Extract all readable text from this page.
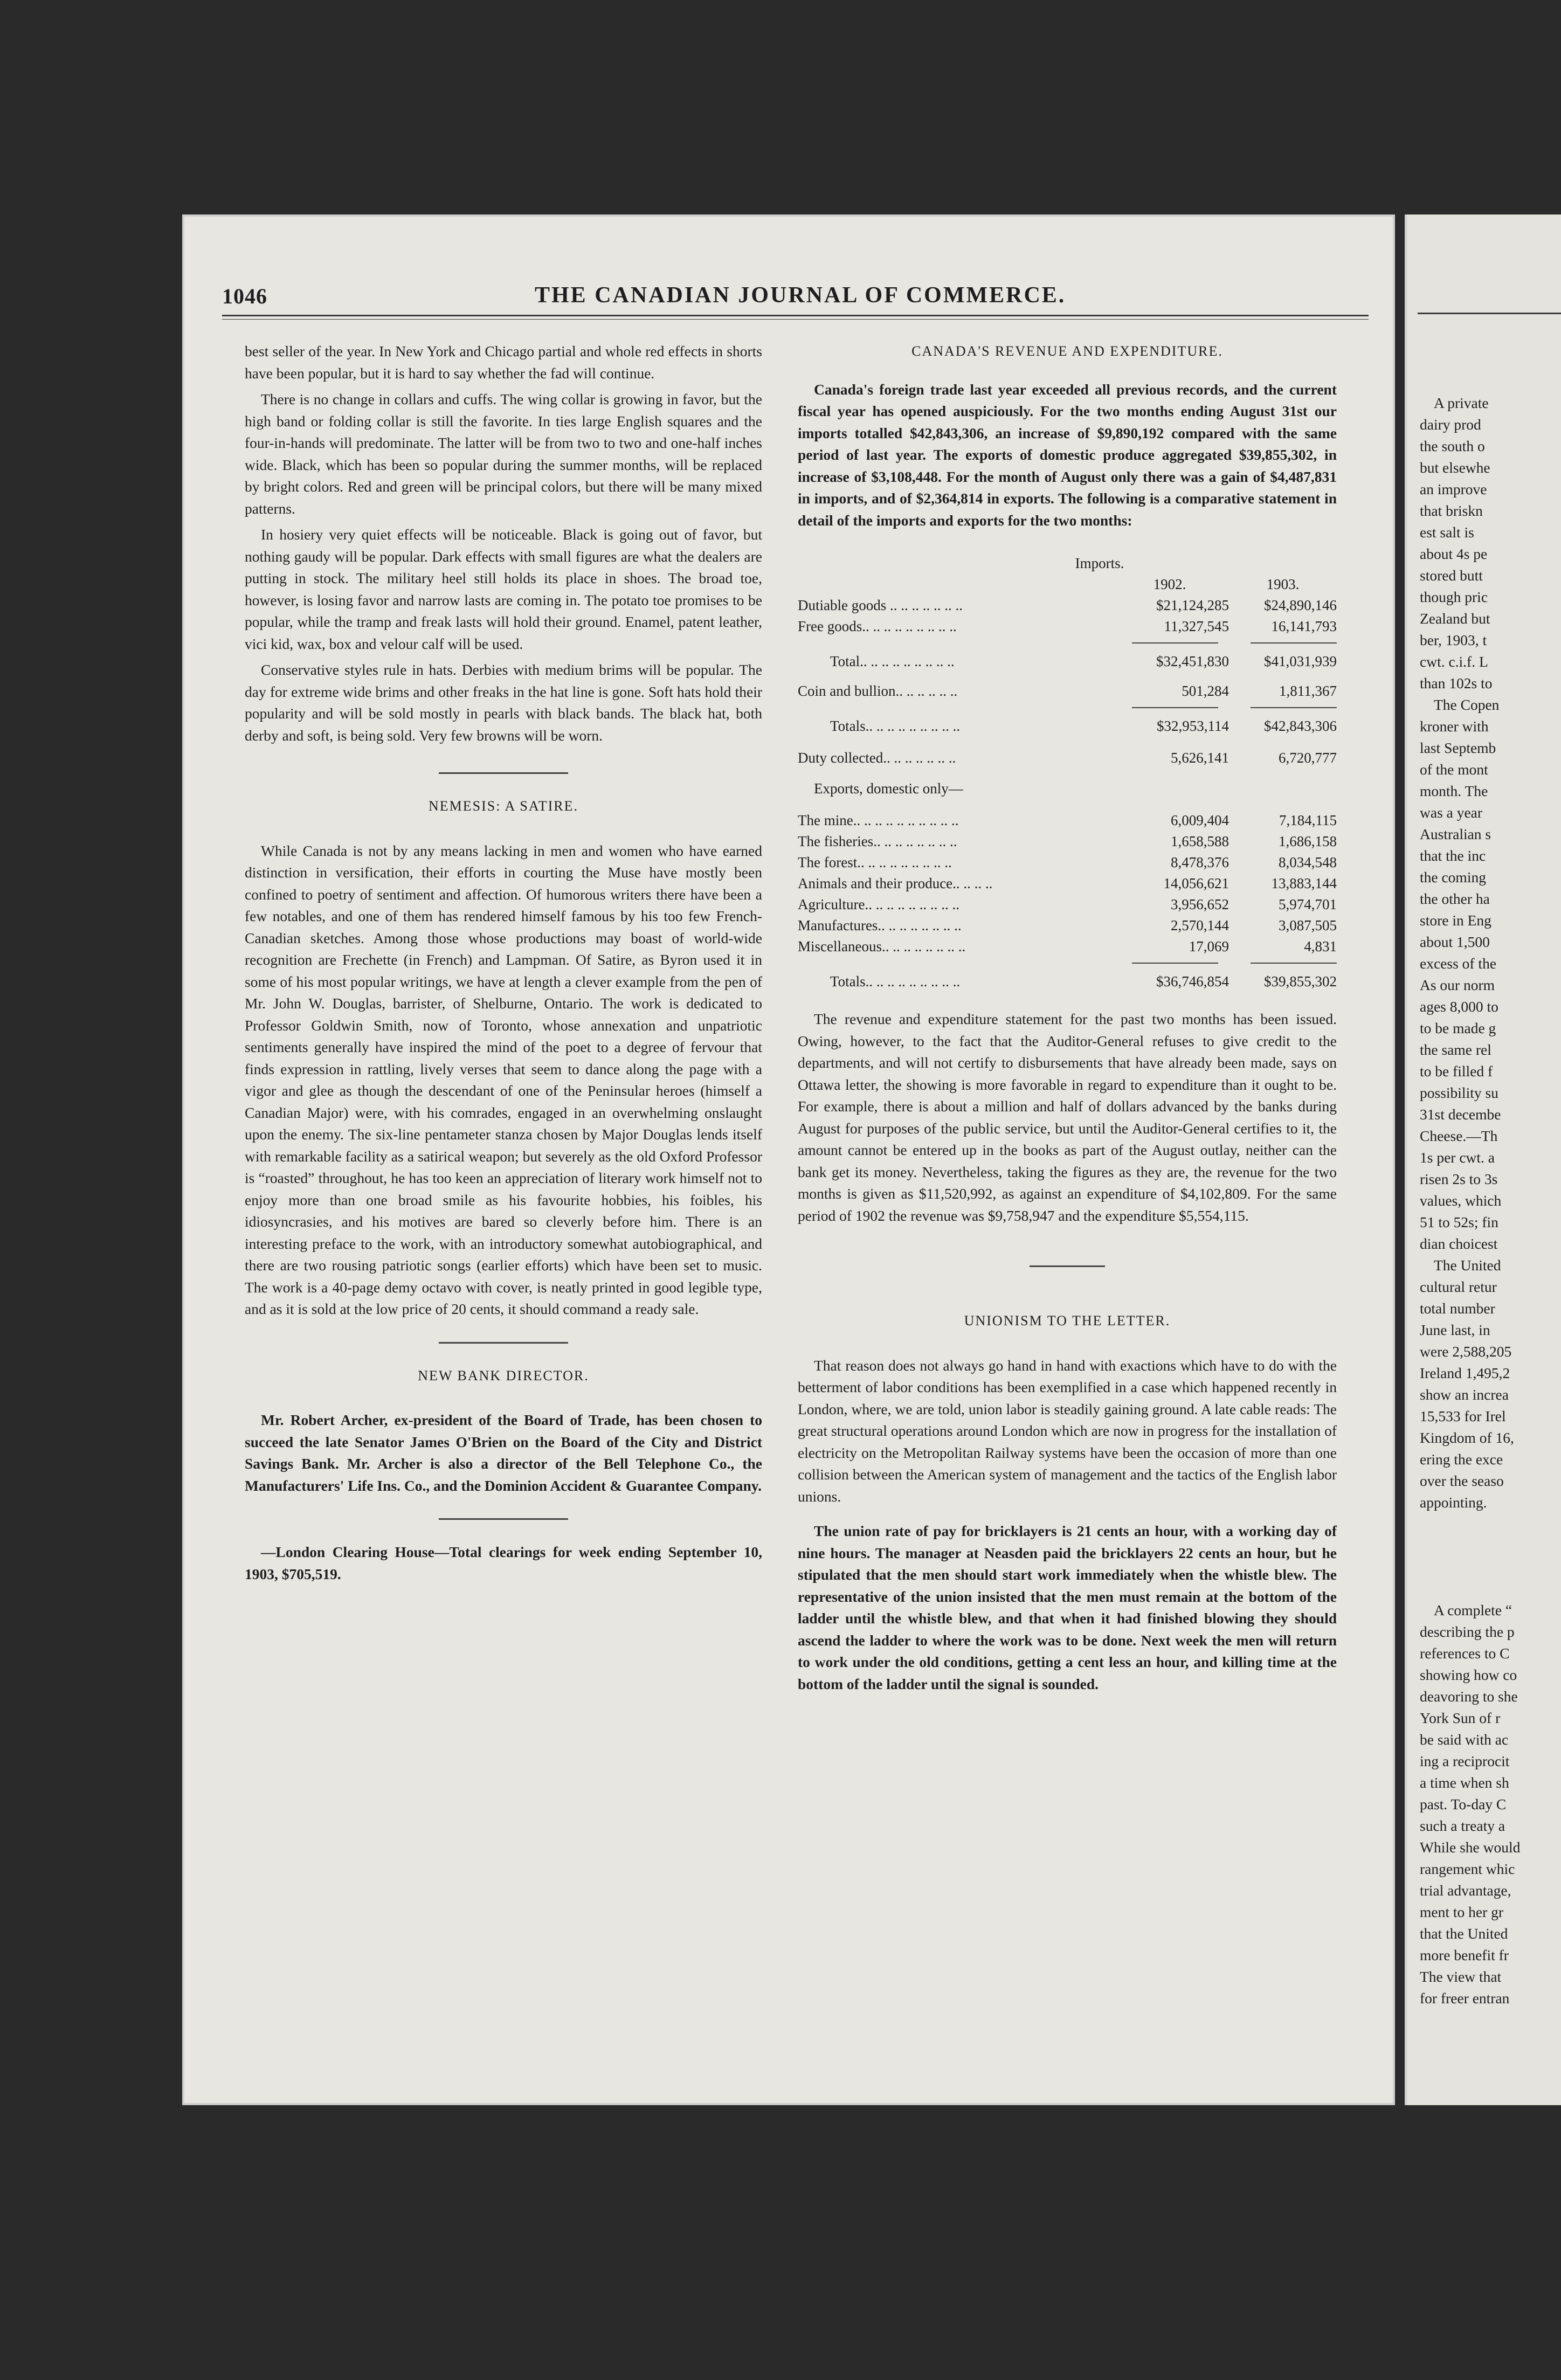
1046	THE CANADIAN JOURNAL OF COMMERCE.

best seller of the year. In New York and Chicago partial and whole red effects in shorts have been popular, but it is hard to say whether the fad will continue.

There is no change in collars and cuffs. The wing collar is growing in favor, but the high band or folding collar is still the favorite. In ties large English squares and the four-in-hands will predominate. The latter will be from two to two and one-half inches wide. Black, which has been so popular during the summer months, will be replaced by bright colors. Red and green will be principal colors, but there will be many mixed patterns.

In hosiery very quiet effects will be noticeable. Black is going out of favor, but nothing gaudy will be popular. Dark effects with small figures are what the dealers are putting in stock. The military heel still holds its place in shoes. The broad toe, however, is losing favor and narrow lasts are coming in. The potato toe promises to be popular, while the tramp and freak lasts will hold their ground. Enamel, patent leather, vici kid, wax, box and velour calf will be used.

Conservative styles rule in hats. Derbies with medium brims will be popular. The day for extreme wide brims and other freaks in the hat line is gone. Soft hats hold their popularity and will be sold mostly in pearls with black bands. The black hat, both derby and soft, is being sold. Very few browns will be worn.

NEMESIS: A SATIRE.

While Canada is not by any means lacking in men and women who have earned distinction in versification, their efforts in courting the Muse have mostly been confined to poetry of sentiment and affection. Of humorous writers there have been a few notables, and one of them has rendered himself famous by his too few French-Canadian sketches. Among those whose productions may boast of world-wide recognition are Frechette (in French) and Lampman. Of Satire, as Byron used it in some of his most popular writings, we have at length a clever example from the pen of Mr. John W. Douglas, barrister, of Shelburne, Ontario. The work is dedicated to Professor Goldwin Smith, now of Toronto, whose annexation and unpatriotic sentiments generally have inspired the mind of the poet to a degree of fervour that finds expression in rattling, lively verses that seem to dance along the page with a vigor and glee as though the descendant of one of the Peninsular heroes (himself a Canadian Major) were, with his comrades, engaged in an overwhelming onslaught upon the enemy. The six-line pentameter stanza chosen by Major Douglas lends itself with remarkable facility as a satirical weapon; but severely as the old Oxford Professor is “roasted” throughout, he has too keen an appreciation of literary work himself not to enjoy more than one broad smile as his favourite hobbies, his foibles, his idiosyncrasies, and his motives are bared so cleverly before him. There is an interesting preface to the work, with an introductory somewhat autobiographical, and there are two rousing patriotic songs (earlier efforts) which have been set to music. The work is a 40-page demy octavo with cover, is neatly printed in good legible type, and as it is sold at the low price of 20 cents, it should command a ready sale.

NEW BANK DIRECTOR.

Mr. Robert Archer, ex-president of the Board of Trade, has been chosen to succeed the late Senator James O'Brien on the Board of the City and District Savings Bank. Mr. Archer is also a director of the Bell Telephone Co., the Manufacturers' Life Ins. Co., and the Dominion Accident & Guarantee Company.

—London Clearing House—Total clearings for week ending September 10, 1903, $705,519.

CANADA'S REVENUE AND EXPENDITURE.

Canada's foreign trade last year exceeded all previous records, and the current fiscal year has opened auspiciously. For the two months ending August 31st our imports totalled $42,843,306, an increase of $9,890,192 compared with the same period of last year. The exports of domestic produce aggregated $39,855,302, in increase of $3,108,448. For the month of August only there was a gain of $4,487,831 in imports, and of $2,364,814 in exports. The following is a comparative statement in detail of the imports and exports for the two months:

Imports.
1902.	1903.
Dutiable goods .. .. .. .. .. .. ..	$21,124,285	$24,890,146
Free goods.. .. .. .. .. .. .. .. ..	11,327,545	16,141,793
Total.. .. .. .. .. .. .. .. ..	$32,451,830	$41,031,939
Coin and bullion.. .. .. .. .. ..	501,284	1,811,367
Totals.. .. .. .. .. .. .. .. ..	$32,953,114	$42,843,306
Duty collected.. .. .. .. .. .. ..	5,626,141	6,720,777
Exports, domestic only—
The mine.. .. .. .. .. .. .. .. .. ..	6,009,404	7,184,115
The fisheries.. .. .. .. .. .. .. ..	1,658,588	1,686,158
The forest.. .. .. .. .. .. .. .. ..	8,478,376	8,034,548
Animals and their produce.. .. .. ..	14,056,621	13,883,144
Agriculture.. .. .. .. .. .. .. .. ..	3,956,652	5,974,701
Manufactures.. .. .. .. .. .. .. ..	2,570,144	3,087,505
Miscellaneous.. .. .. .. .. .. .. ..	17,069	4,831
Totals.. .. .. .. .. .. .. .. ..	$36,746,854	$39,855,302

The revenue and expenditure statement for the past two months has been issued. Owing, however, to the fact that the Auditor-General refuses to give credit to the departments, and will not certify to disbursements that have already been made, says on Ottawa letter, the showing is more favorable in regard to expenditure than it ought to be. For example, there is about a million and half of dollars advanced by the banks during August for purposes of the public service, but until the Auditor-General certifies to it, the amount cannot be entered up in the books as part of the August outlay, neither can the bank get its money. Nevertheless, taking the figures as they are, the revenue for the two months is given as $11,520,992, as against an expenditure of $4,102,809. For the same period of 1902 the revenue was $9,758,947 and the expenditure $5,554,115.

UNIONISM TO THE LETTER.

That reason does not always go hand in hand with exactions which have to do with the betterment of labor conditions has been exemplified in a case which happened recently in London, where, we are told, union labor is steadily gaining ground. A late cable reads: The great structural operations around London which are now in progress for the installation of electricity on the Metropolitan Railway systems have been the occasion of more than one collision between the American system of management and the tactics of the English labor unions.

The union rate of pay for bricklayers is 21 cents an hour, with a working day of nine hours. The manager at Neasden paid the bricklayers 22 cents an hour, but he stipulated that the men should start work immediately when the whistle blew. The representative of the union insisted that the men must remain at the bottom of the ladder until the whistle blew, and that when it had finished blowing they should ascend the ladder to where the work was to be done. Next week the men will return to work under the old conditions, getting a cent less an hour, and killing time at the bottom of the ladder until the signal is sounded.

A private
dairy prod
the south o
but elsewhe
an improve
that briskn
est salt is
about 4s pe
stored butt
though pric
Zealand but
ber, 1903, t
cwt. c.i.f. L
than 102s to
The Copen
kroner with
last Septemb
of the mont
month. The
was a year
Australian s
that the inc
the coming
the other ha
store in Eng
about 1,500
excess of the
As our norm
ages 8,000 to
to be made g
the same rel
to be filled f
possibility su
31st decembe
Cheese.—Th
1s per cwt. a
risen 2s to 3s
values, which
51 to 52s; fin
dian choicest
The United
cultural retur
total number
June last, in
were 2,588,205
Ireland 1,495,2
show an increa
15,533 for Irel
Kingdom of 16,
ering the exce
over the seaso
appointing.
A complete “
describing the p
references to C
showing how co
deavoring to she
York Sun of r
be said with ac
ing a reciprocit
a time when sh
past. To-day C
such a treaty a
While she would
rangement whic
trial advantage,
ment to her gr
that the United
more benefit fr
The view that
for freer entran
